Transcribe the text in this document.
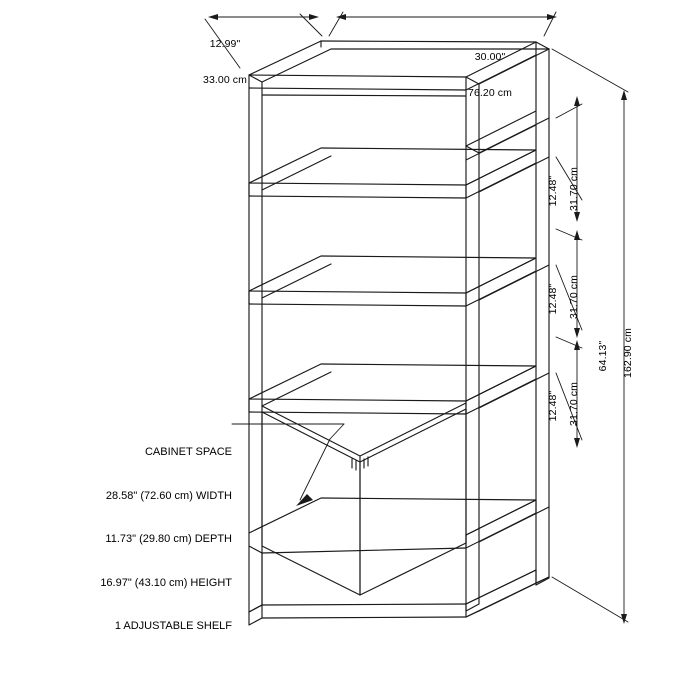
12.99"

33.00 cm

30.00"

76.20 cm

12.48" 31.70 cm
12.48" 31.70 cm
12.48" 31.70 cm
64.13" 162.90 cm

CABINET SPACE

28.58" (72.60 cm) WIDTH

11.73" (29.80 cm) DEPTH

16.97" (43.10 cm) HEIGHT

1 ADJUSTABLE SHELF
